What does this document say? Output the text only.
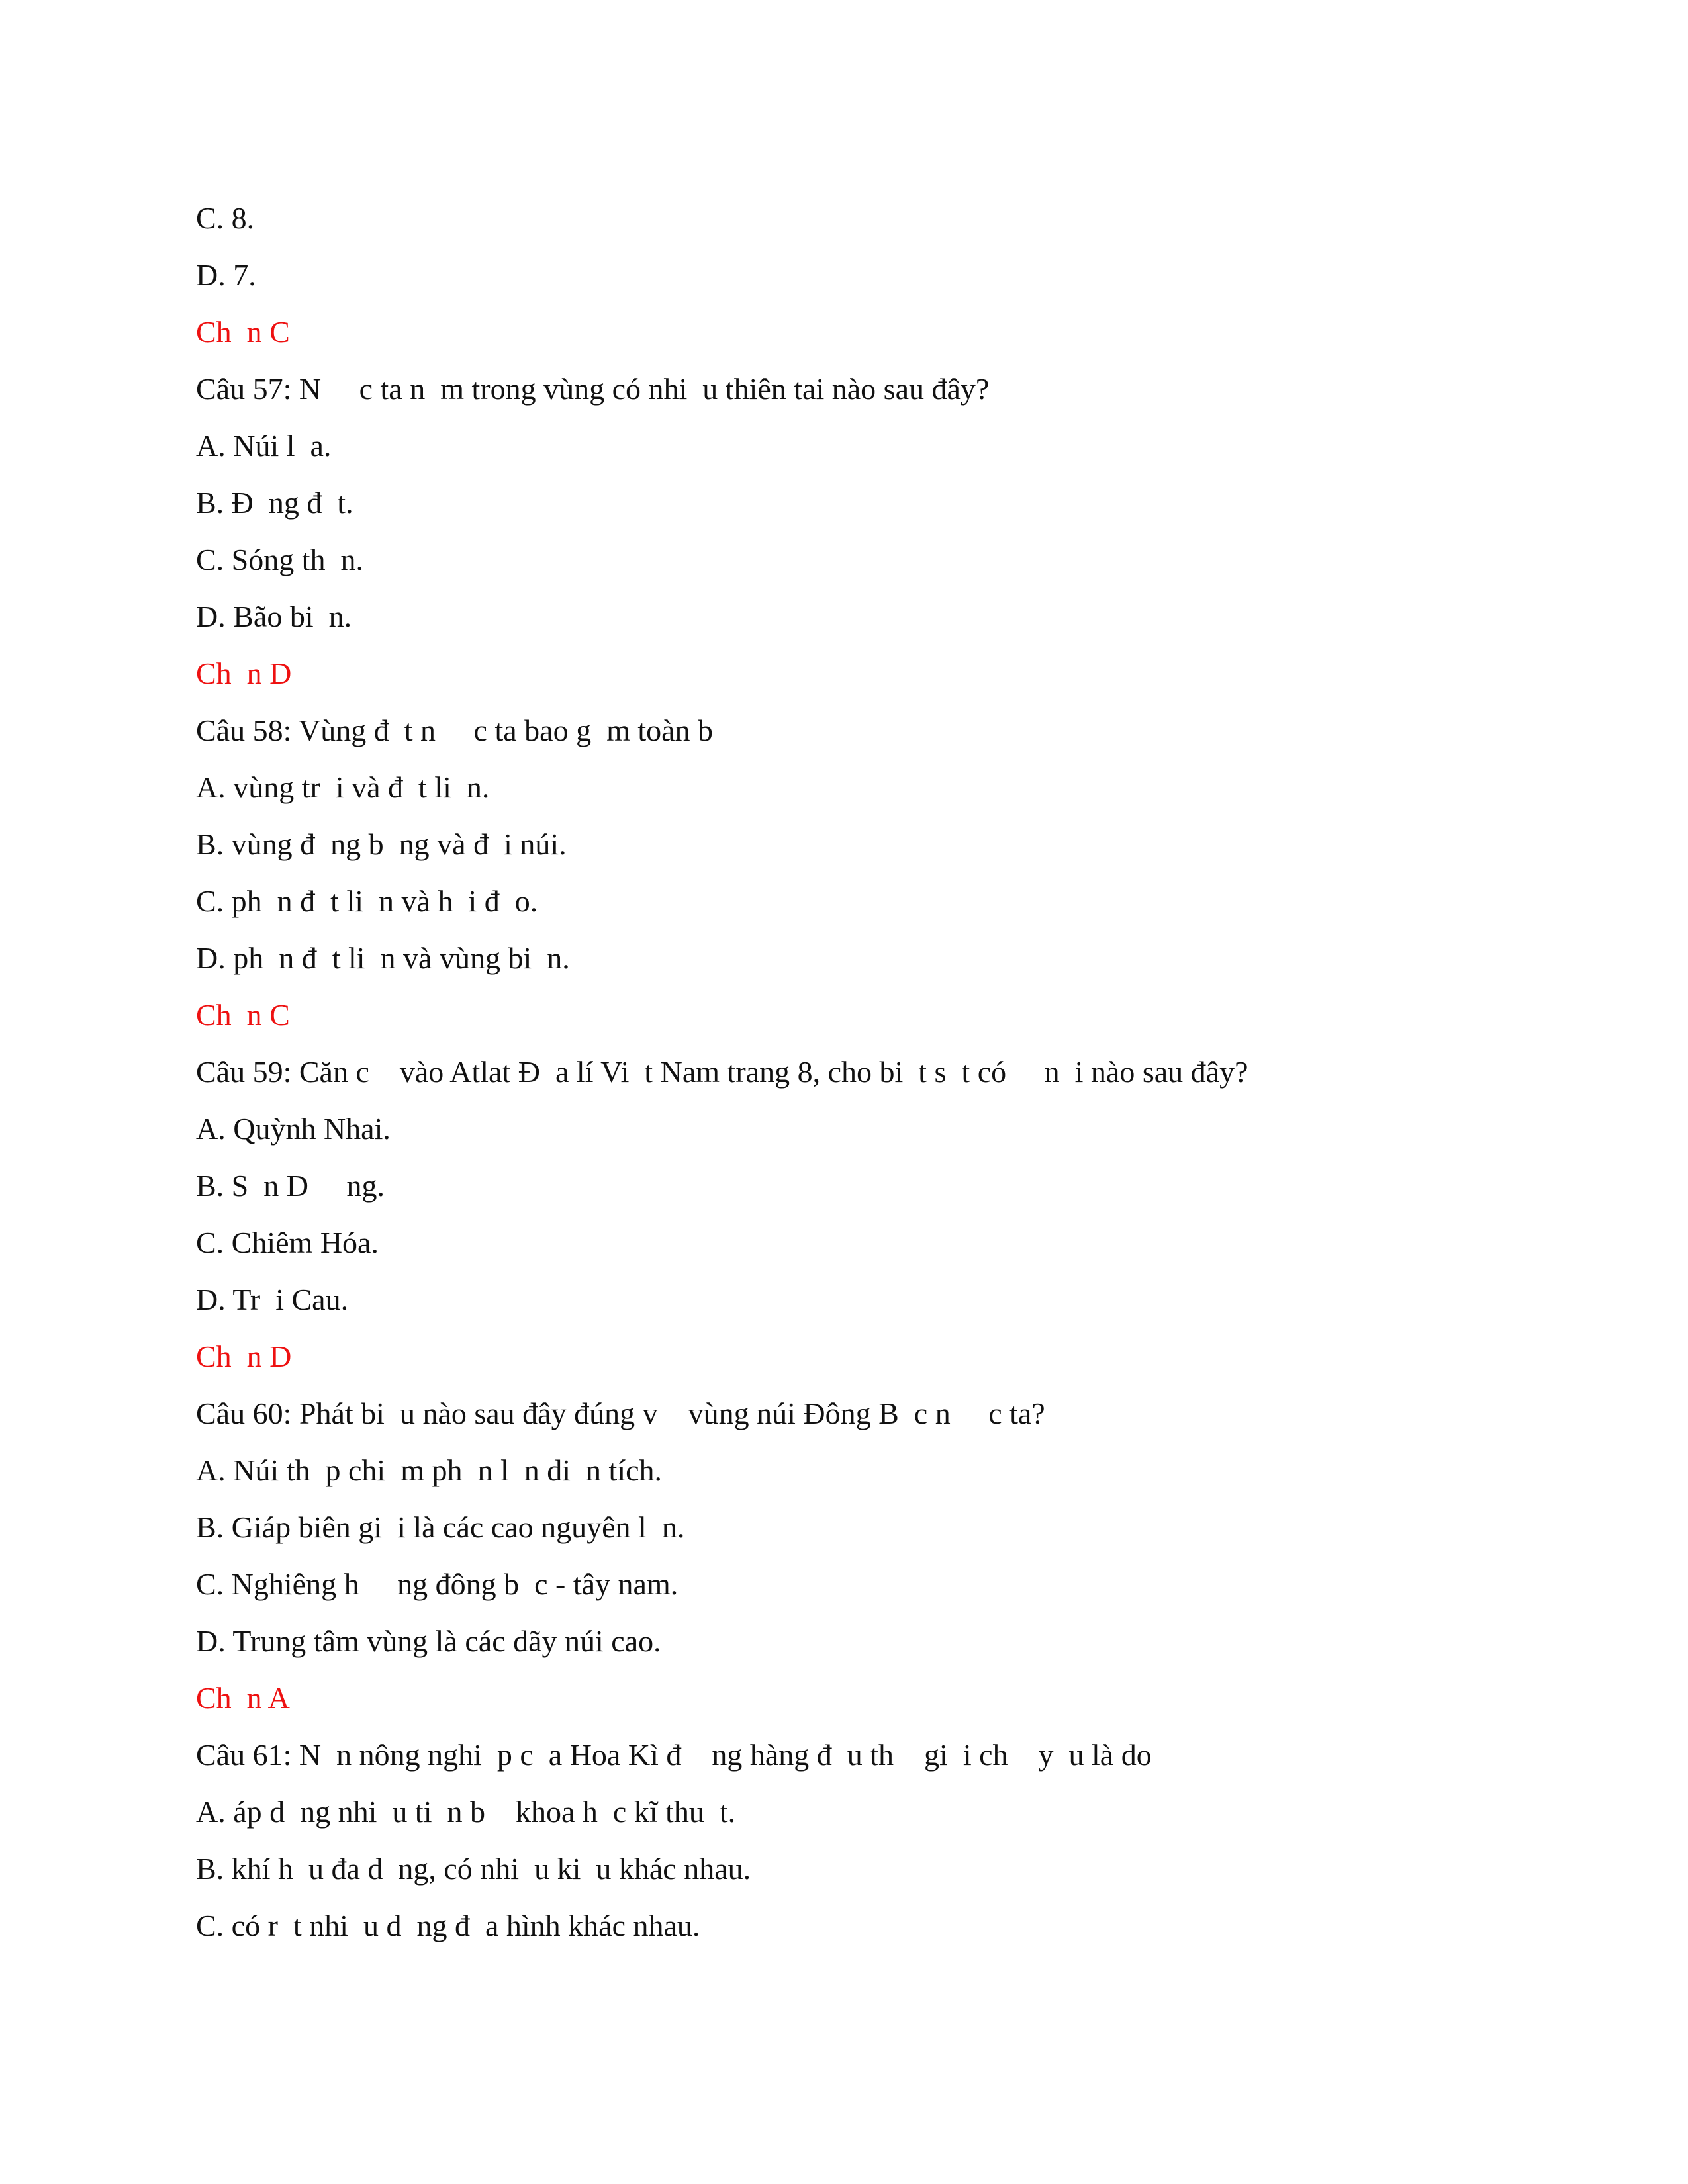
C. 8.
D. 7.
Ch  n C
Câu 57: N     c ta n  m trong vùng có nhi  u thiên tai nào sau đây?
A. Núi l  a.
B. Đ  ng đ  t.
C. Sóng th  n.
D. Bão bi  n.
Ch  n D
Câu 58: Vùng đ  t n     c ta bao g  m toàn b
A. vùng tr  i và đ  t li  n.
B. vùng đ  ng b  ng và đ  i núi.
C. ph  n đ  t li  n và h  i đ  o.
D. ph  n đ  t li  n và vùng bi  n.
Ch  n C
Câu 59: Căn c    vào Atlat Đ  a lí Vi  t Nam trang 8, cho bi  t s  t có     n  i nào sau đây?
A. Quỳnh Nhai.
B. S  n D     ng.
C. Chiêm Hóa.
D. Tr  i Cau.
Ch  n D
Câu 60: Phát bi  u nào sau đây đúng v    vùng núi Đông B  c n     c ta?
A. Núi th  p chi  m ph  n l  n di  n tích.
B. Giáp biên gi  i là các cao nguyên l  n.
C. Nghiêng h     ng đông b  c - tây nam.
D. Trung tâm vùng là các dãy núi cao.
Ch  n A
Câu 61: N  n nông nghi  p c  a Hoa Kì đ    ng hàng đ  u th    gi  i ch    y  u là do
A. áp d  ng nhi  u ti  n b    khoa h  c kĩ thu  t.
B. khí h  u đa d  ng, có nhi  u ki  u khác nhau.
C. có r  t nhi  u d  ng đ  a hình khác nhau.
